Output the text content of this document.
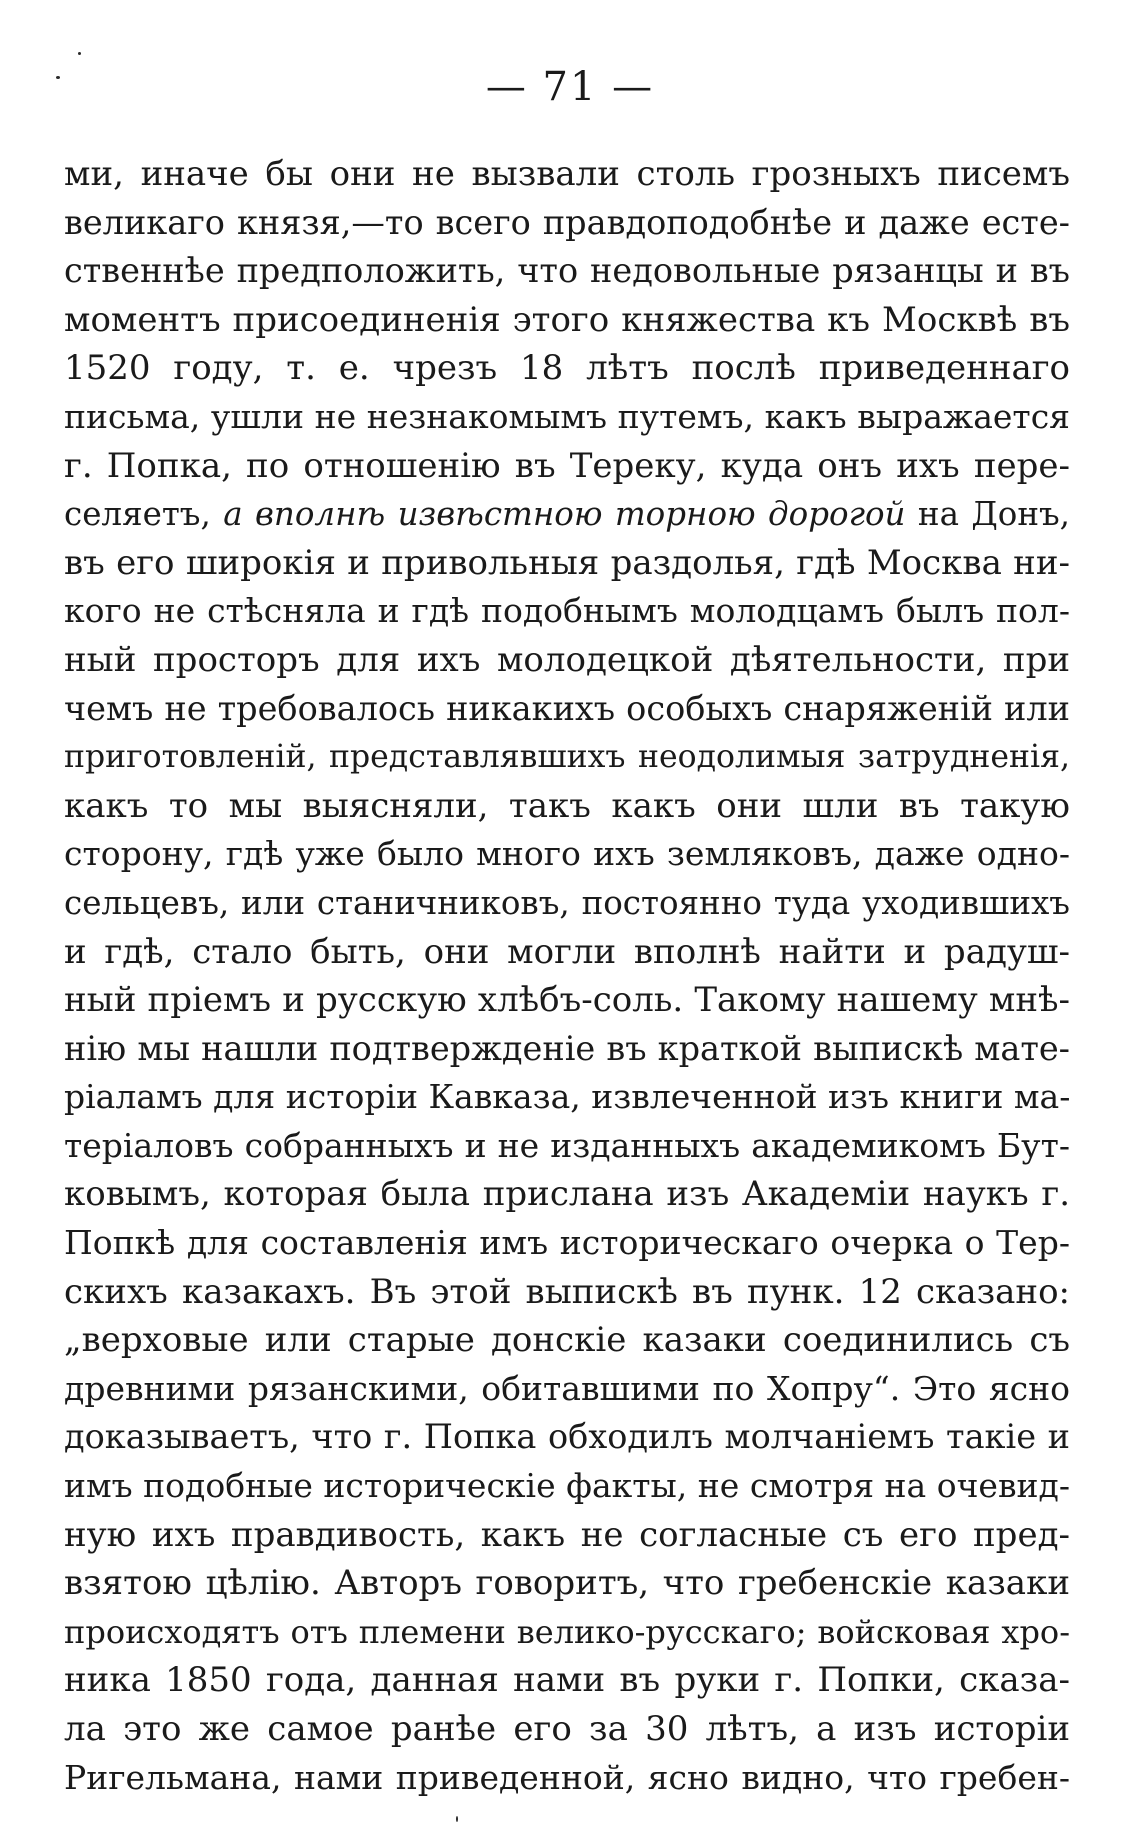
— 71 —
ми, иначе бы они не вызвали столь грозныхъ писемъ
великаго князя,—то всего правдоподобнѣе и даже есте-
ственнѣе предположить, что недовольные рязанцы и въ
моментъ присоединенія этого княжества къ Москвѣ въ
1520 году, т. е. чрезъ 18 лѣтъ послѣ приведеннаго
письма, ушли не незнакомымъ путемъ, какъ выражается
г. Попка, по отношенію въ Тереку, куда онъ ихъ пере-
селяетъ, а вполнѣ извѣстною торною дорогой на Донъ,
въ его широкія и привольныя раздолья, гдѣ Москва ни-
кого не стѣсняла и гдѣ подобнымъ молодцамъ былъ пол-
ный просторъ для ихъ молодецкой дѣятельности, при
чемъ не требовалось никакихъ особыхъ снаряженій или
приготовленій, представлявшихъ неодолимыя затрудненія,
какъ то мы выясняли, такъ какъ они шли въ такую
сторону, гдѣ уже было много ихъ земляковъ, даже одно-
сельцевъ, или станичниковъ, постоянно туда уходившихъ
и гдѣ, стало быть, они могли вполнѣ найти и радуш-
ный пріемъ и русскую хлѣбъ-соль. Такому нашему мнѣ-
нію мы нашли подтвержденіе въ краткой выпискѣ мате-
ріаламъ для исторіи Кавказа, извлеченной изъ книги ма-
теріаловъ собранныхъ и не изданныхъ академикомъ Бут-
ковымъ, которая была прислана изъ Академіи наукъ г.
Попкѣ для составленія имъ историческаго очерка о Тер-
скихъ казакахъ. Въ этой выпискѣ въ пунк. 12 сказано:
„верховые или старые донскіе казаки соединились съ
древними рязанскими, обитавшими по Хопру“. Это ясно
доказываетъ, что г. Попка обходилъ молчаніемъ такіе и
имъ подобные историческіе факты, не смотря на очевид-
ную ихъ правдивость, какъ не согласные съ его пред-
взятою цѣлію. Авторъ говоритъ, что гребенскіе казаки
происходятъ отъ племени велико-русскаго; войсковая хро-
ника 1850 года, данная нами въ руки г. Попки, сказа-
ла это же самое ранѣе его за 30 лѣтъ, а изъ исторіи
Ригельмана, нами приведенной, ясно видно, что гребен-
